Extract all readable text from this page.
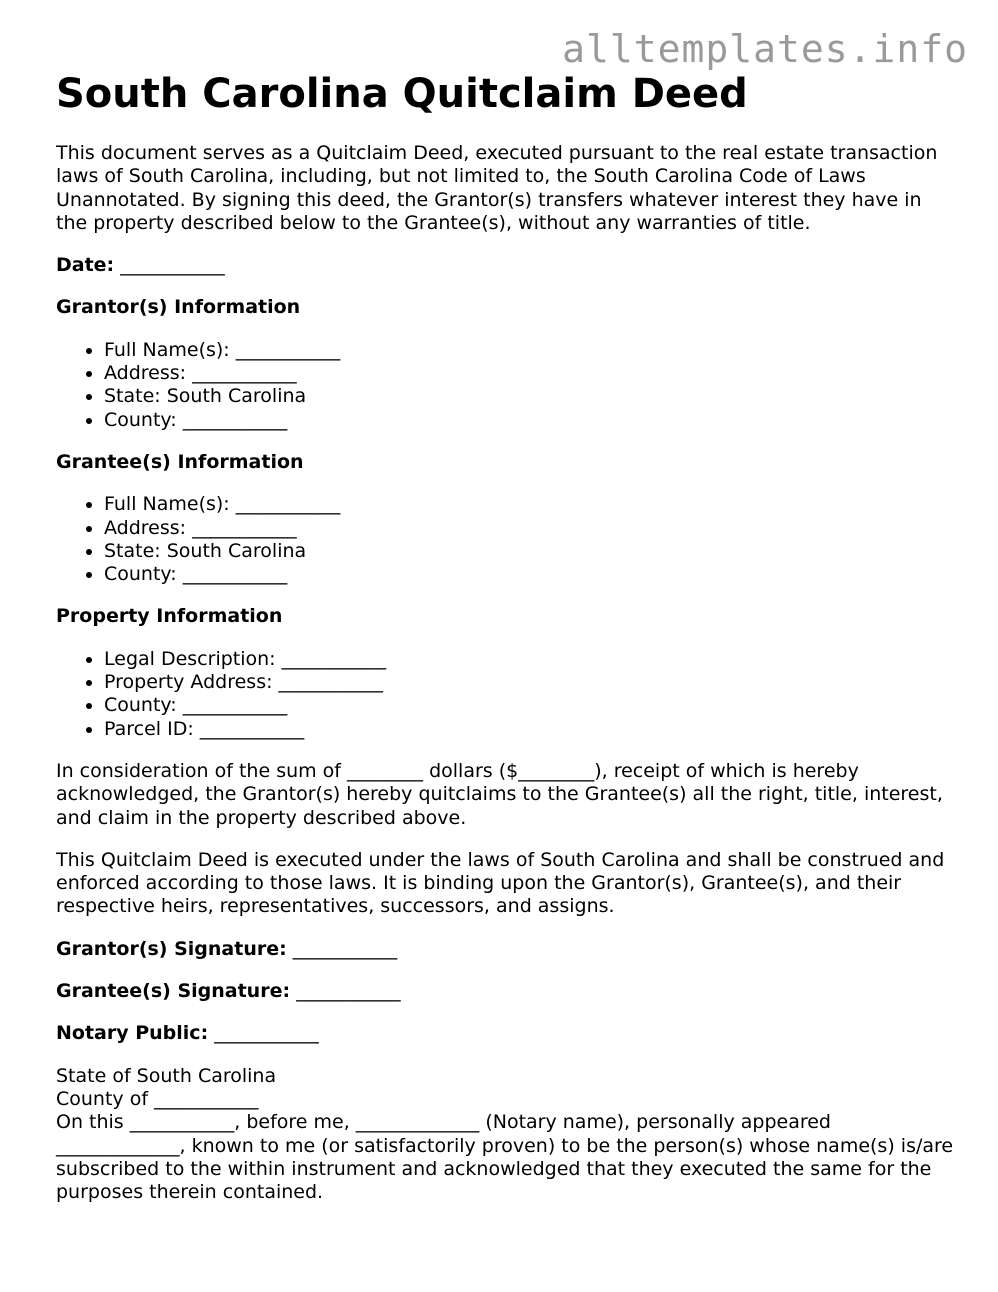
alltemplates.info
South Carolina Quitclaim Deed

This document serves as a Quitclaim Deed, executed pursuant to the real estate transaction laws of South Carolina, including, but not limited to, the South Carolina Code of Laws Unannotated. By signing this deed, the Grantor(s) transfers whatever interest they have in the property described below to the Grantee(s), without any warranties of title.

Date: ___________

Grantor(s) Information
• Full Name(s): ___________
• Address: ___________
• State: South Carolina
• County: ___________
Grantee(s) Information
• Full Name(s): ___________
• Address: ___________
• State: South Carolina
• County: ___________
Property Information
• Legal Description: ___________
• Property Address: ___________
• County: ___________
• Parcel ID: ___________

In consideration of the sum of ________ dollars ($________), receipt of which is hereby acknowledged, the Grantor(s) hereby quitclaims to the Grantee(s) all the right, title, interest, and claim in the property described above.

This Quitclaim Deed is executed under the laws of South Carolina and shall be construed and enforced according to those laws. It is binding upon the Grantor(s), Grantee(s), and their respective heirs, representatives, successors, and assigns.

Grantor(s) Signature: ___________

Grantee(s) Signature: ___________

Notary Public: ___________

State of South Carolina
County of ___________
On this ___________, before me, _____________ (Notary name), personally appeared _____________, known to me (or satisfactorily proven) to be the person(s) whose name(s) is/are subscribed to the within instrument and acknowledged that they executed the same for the purposes therein contained.
